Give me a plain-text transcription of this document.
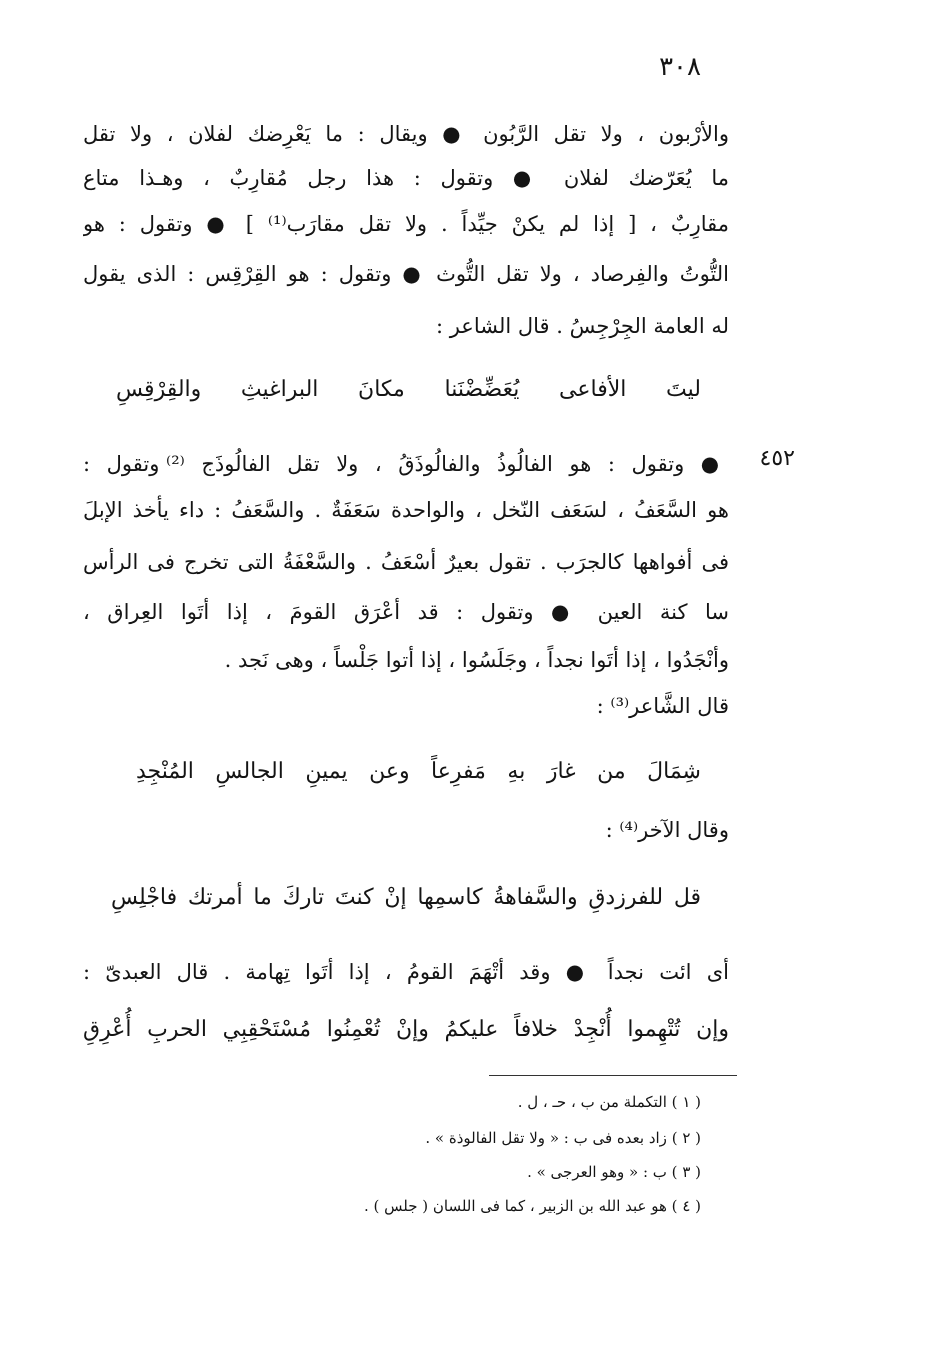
٣٠٨
والأرْبون ، ولا تقل الرَّبُون ● ويقال : ما يَعْرِضك لفلان ، ولا تقل
ما يُعَرّضك لفلان ● وتقول : هذا رجل مُقارِبٌ ، وهـذا متاع
مقارِبٌ ، [ إذا لم يكنْ جيِّداً . ولا تقل مقارَب⁽¹⁾ ] ● وتقول : هو
التُّوتُ والفِرصاد ، ولا تقل التُّوث ● وتقول : هو القِرْقِس : الذى يقول
له العامة الجِرْجِسُ . قال الشاعر :
ليتَ الأفاعى يُعَضِّضْنَنا مكانَ البراغيثِ والقِرْقِسِ
٤٥٢
● وتقول : هو الفالُوذُ والفالُوذَقُ ، ولا تقل الفالُوذَج ⁽²⁾ وتقول :
هو السَّعَفُ ، لسَعَف النّخل ، والواحدة سَعَفَةٌ . والسَّعَفُ : داء يأخذ الإبلَ
فى أفواهها كالجرَب . تقول بعيرٌ أسْعَفُ . والسَّعْفَةُ التى تخرج فى الرأس
سا كنة العين ● وتقول : قد أعْرَق القومَ ، إذا أتَوا العِراق ،
وأنْجَدُوا ، إذا أتَوا نجداً ، وجَلَسُوا ، إذا أتوا جَلْساً ، وهى نَجد .
قال الشَّاعر⁽³⁾ :
شِمَالَ من غارَ بهِ مَفرِعاً وعن يمينِ الجالسِ المُنْجِدِ
وقال الآخر⁽⁴⁾ :
قل للفرزدقِ والسَّفاهةُ كاسمِها إنْ كنتَ تاركَ ما أمرتك فاجْلِسِ
أى ائت نجداً ● وقد أتْهَمَ القومُ ، إذا أتَوا تِهامة . قال العبدىّ :
وإن تُتْهِموا أُنْجِدْ خلافاً عليكمُ وإنْ تُعْمِنُوا مُسْتَحْقِبِي الحربِ أُعْرِقِ
( ١ ) التكملة من ب ، حـ ، ل .
( ٢ ) زاد بعده فى ب : « ولا تقل الفالوذة » .
( ٣ ) ب : « وهو العرجى » .
( ٤ ) هو عبد الله بن الزبير ، كما فى اللسان ( جلس ) .
